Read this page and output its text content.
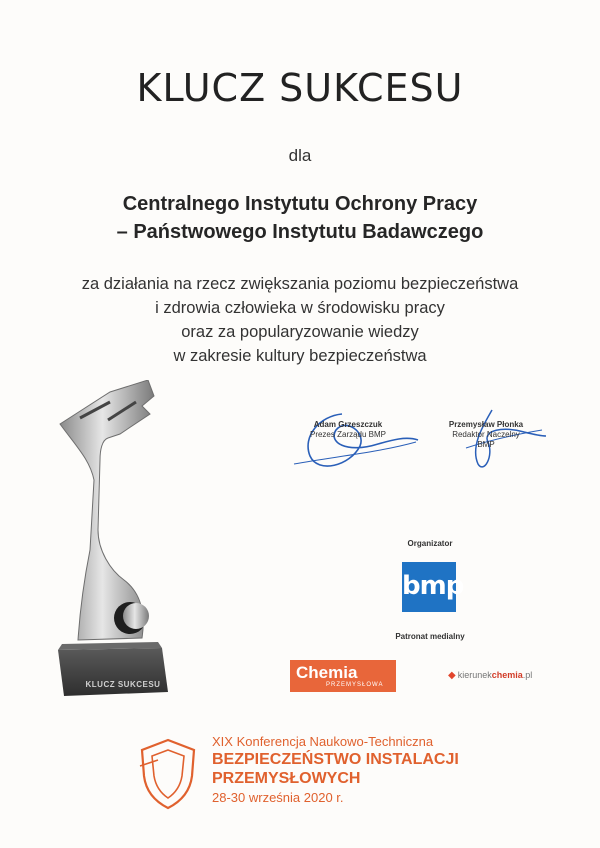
KLUCZ SUKCESU
dla
Centralnego Instytutu Ochrony Pracy
– Państwowego Instytutu Badawczego
za działania na rzecz zwiększania poziomu bezpieczeństwa
i zdrowia człowieka w środowisku pracy
oraz za popularyzowanie wiedzy
w zakresie kultury bezpieczeństwa
Adam Grzeszczuk
Prezes Zarządu BMP
Przemysław Płonka
Redaktor Naczelny
BMP
KLUCZ SUKCESU
Organizator
bmp
Patronat medialny
Chemia
PRZEMYSŁOWA
◆ kierunekchemia.pl
XIX Konferencja Naukowo-Techniczna
BEZPIECZEŃSTWO INSTALACJI
PRZEMYSŁOWYCH
28-30 września 2020 r.
